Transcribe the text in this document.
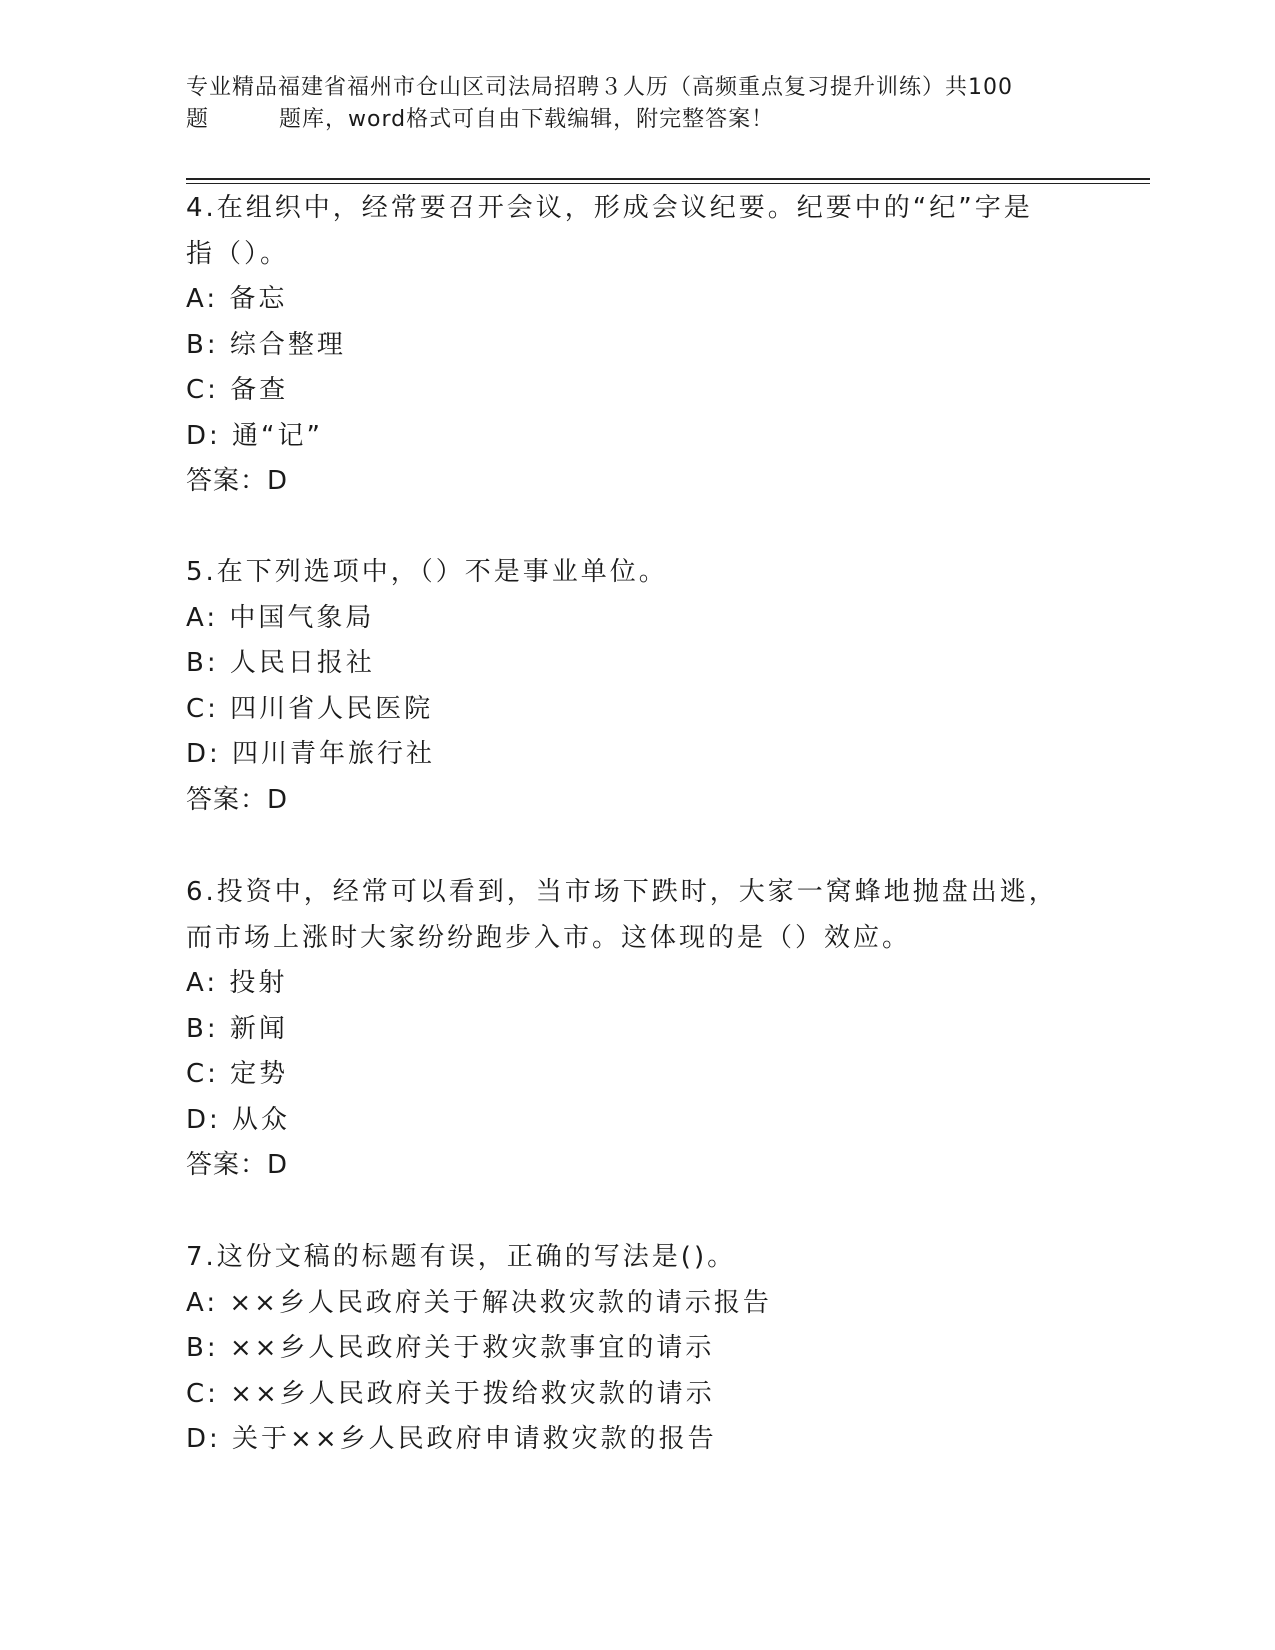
专业精品福建省福州市仓山区司法局招聘３人历（高频重点复习提升训练）共100
题	题库，word格式可自由下载编辑，附完整答案！
4.在组织中，经常要召开会议，形成会议纪要。纪要中的“纪”字是
指（）。
A: 备忘
B: 综合整理
C: 备查
D: 通“记”
答案：D
5.在下列选项中，（）不是事业单位。
A: 中国气象局
B: 人民日报社
C: 四川省人民医院
D: 四川青年旅行社
答案：D
6.投资中，经常可以看到，当市场下跌时，大家一窝蜂地抛盘出逃，
而市场上涨时大家纷纷跑步入市。这体现的是（）效应。
A: 投射
B: 新闻
C: 定势
D: 从众
答案：D
7.这份文稿的标题有误，正确的写法是()。
A: ××乡人民政府关于解决救灾款的请示报告
B: ××乡人民政府关于救灾款事宜的请示
C: ××乡人民政府关于拨给救灾款的请示
D: 关于××乡人民政府申请救灾款的报告
